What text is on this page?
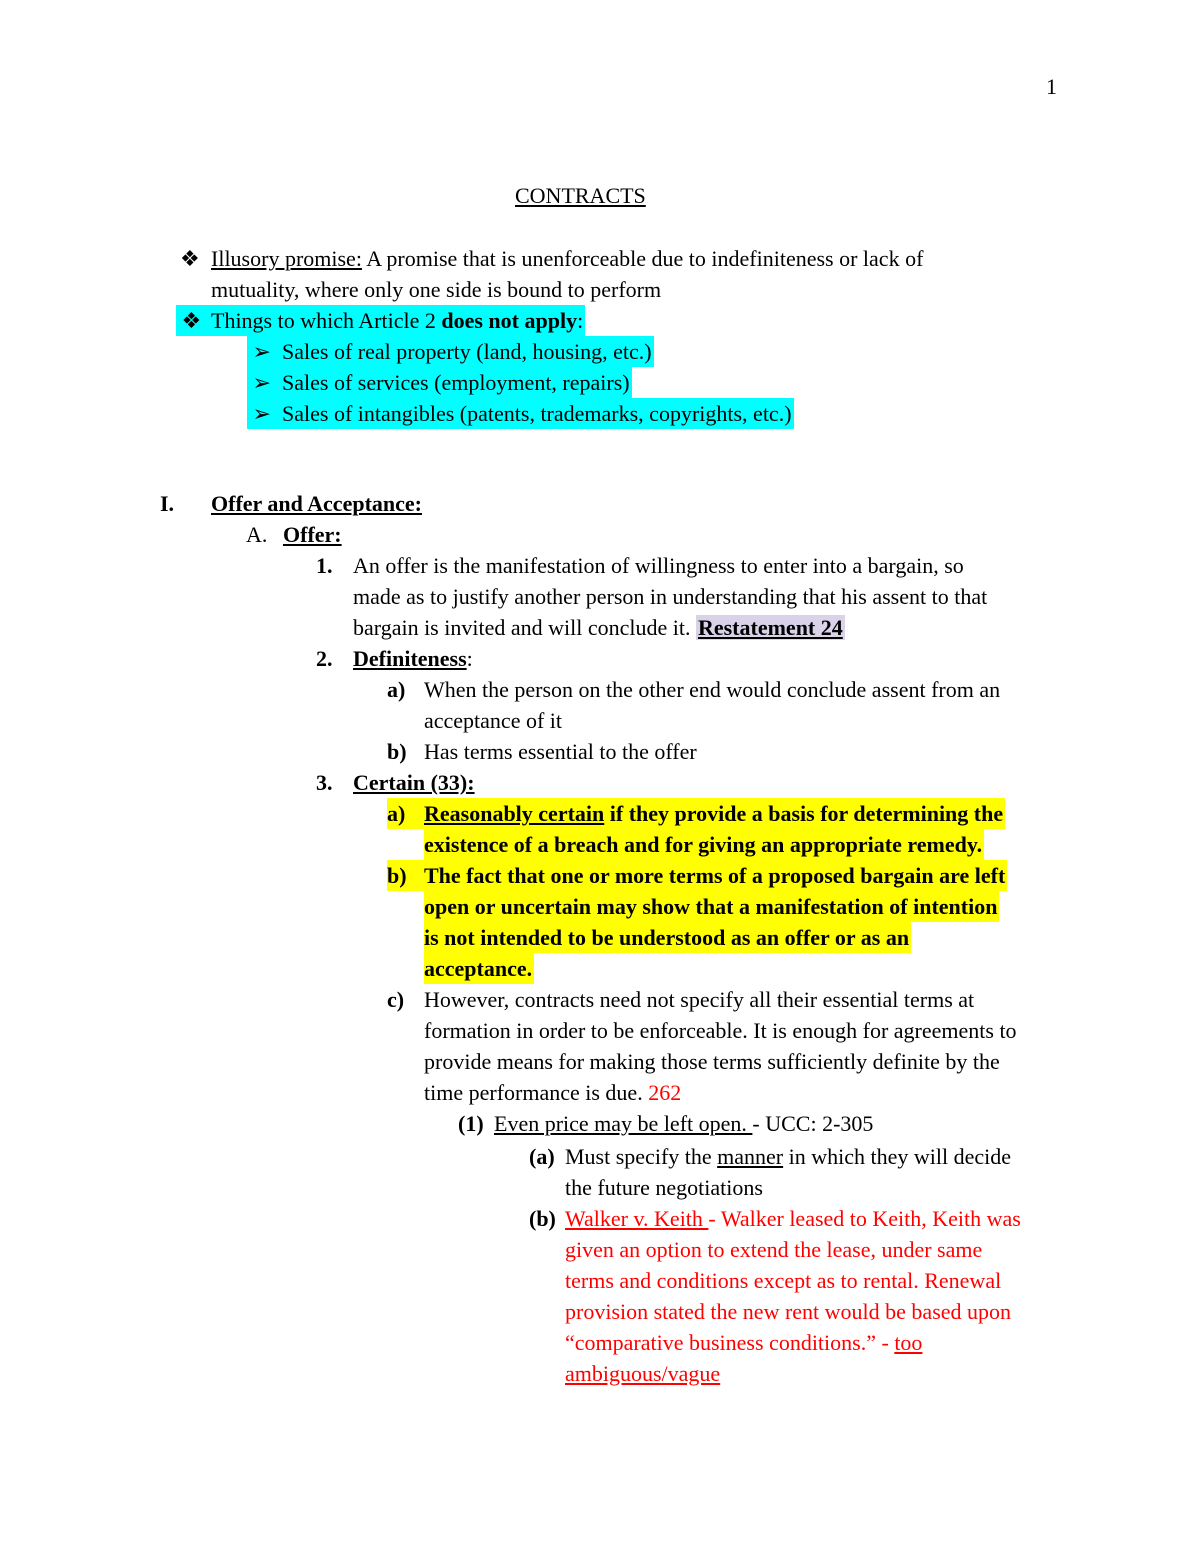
1
CONTRACTS
❖ Illusory promise: A promise that is unenforceable due to indefiniteness or lack of
mutuality, where only one side is bound to perform
❖ Things to which Article 2 does not apply:
➢ Sales of real property (land, housing, etc.)
➢ Sales of services (employment, repairs)
➢ Sales of intangibles (patents, trademarks, copyrights, etc.)
I. Offer and Acceptance:
A. Offer:
1. An offer is the manifestation of willingness to enter into a bargain, so
made as to justify another person in understanding that his assent to that
bargain is invited and will conclude it. Restatement 24
2. Definiteness:
a) When the person on the other end would conclude assent from an
acceptance of it
b) Has terms essential to the offer
3. Certain (33):
a) Reasonably certain if they provide a basis for determining the
existence of a breach and for giving an appropriate remedy.
b) The fact that one or more terms of a proposed bargain are left
open or uncertain may show that a manifestation of intention
is not intended to be understood as an offer or as an
acceptance.
c) However, contracts need not specify all their essential terms at
formation in order to be enforceable. It is enough for agreements to
provide means for making those terms sufficiently definite by the
time performance is due. 262
(1) Even price may be left open. - UCC: 2-305
(a) Must specify the manner in which they will decide
the future negotiations
(b) Walker v. Keith - Walker leased to Keith, Keith was
given an option to extend the lease, under same
terms and conditions except as to rental. Renewal
provision stated the new rent would be based upon
“comparative business conditions.” - too
ambiguous/vague
